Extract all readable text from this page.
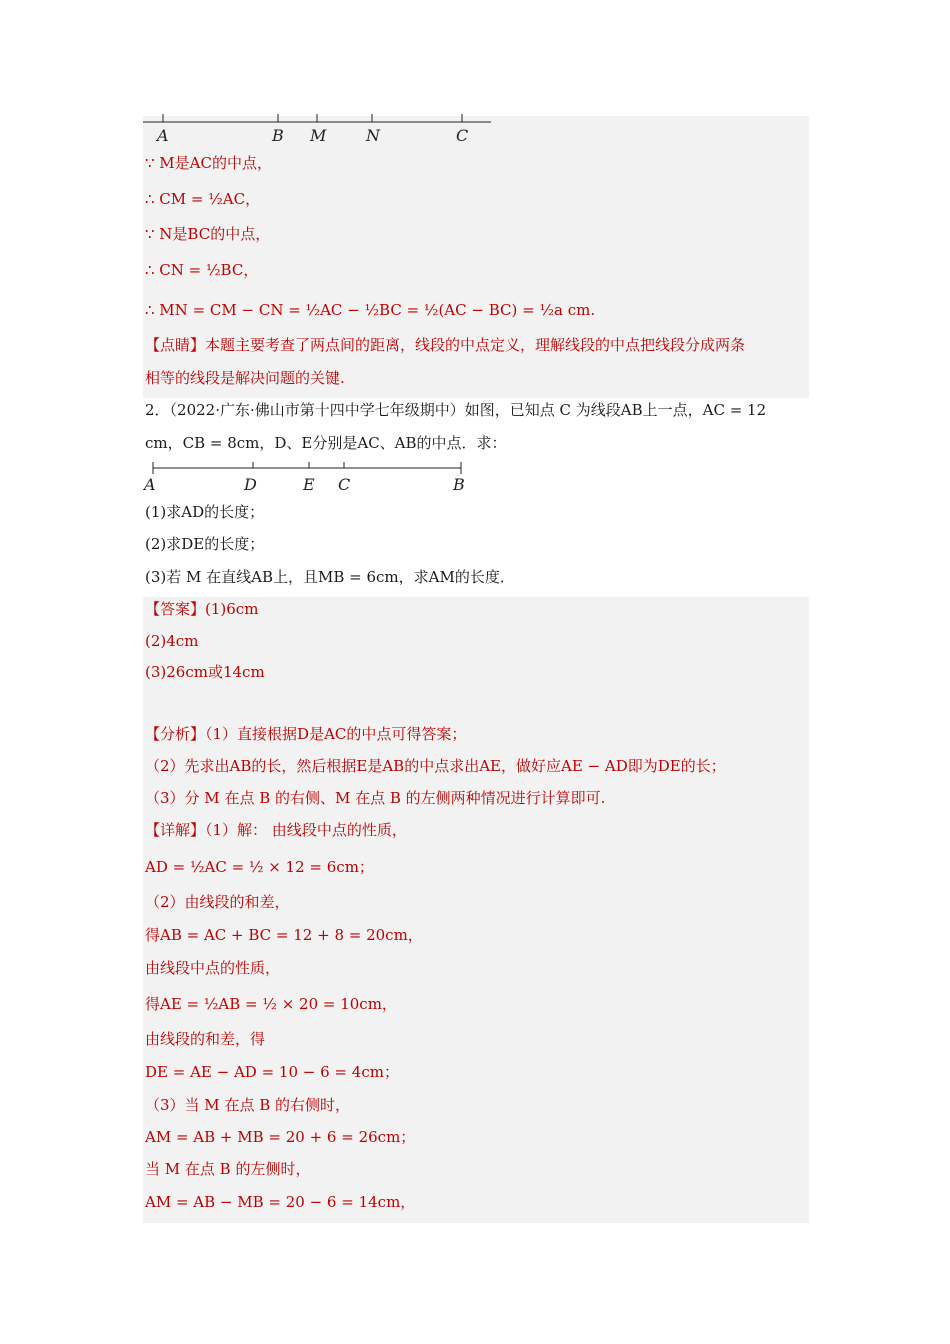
A	B M N	C
∵ M是AC的中点，
∴ CM = ½AC，
∵ N是BC的中点，
∴ CN = ½BC，
∴ MN = CM − CN = ½AC − ½BC = ½(AC − BC) = ½a cm.
【点睛】本题主要考查了两点间的距离，线段的中点定义，理解线段的中点把线段分成两条
相等的线段是解决问题的关键.
2．（2022·广东·佛山市第十四中学七年级期中）如图，已知点 C 为线段AB上一点，AC = 12
cm，CB = 8cm，D、E分别是AC、AB的中点．求：
A	D	E C	B
(1)求AD的长度；
(2)求DE的长度；
(3)若 M 在直线AB上，且MB = 6cm，求AM的长度．
【答案】(1)6cm
(2)4cm
(3)26cm或14cm
【分析】（1）直接根据D是AC的中点可得答案；
（2）先求出AB的长，然后根据E是AB的中点求出AE，做好应AE − AD即为DE的长；
（3）分 M 在点 B 的右侧、M 在点 B 的左侧两种情况进行计算即可.
【详解】（1）解： 由线段中点的性质，
AD = ½AC = ½ × 12 = 6cm；
（2）由线段的和差，
得AB = AC + BC = 12 + 8 = 20cm，
由线段中点的性质，
得AE = ½AB = ½ × 20 = 10cm，
由线段的和差，得
DE = AE − AD = 10 − 6 = 4cm；
（3）当 M 在点 B 的右侧时，
AM = AB + MB = 20 + 6 = 26cm；
当 M 在点 B 的左侧时，
AM = AB − MB = 20 − 6 = 14cm，
